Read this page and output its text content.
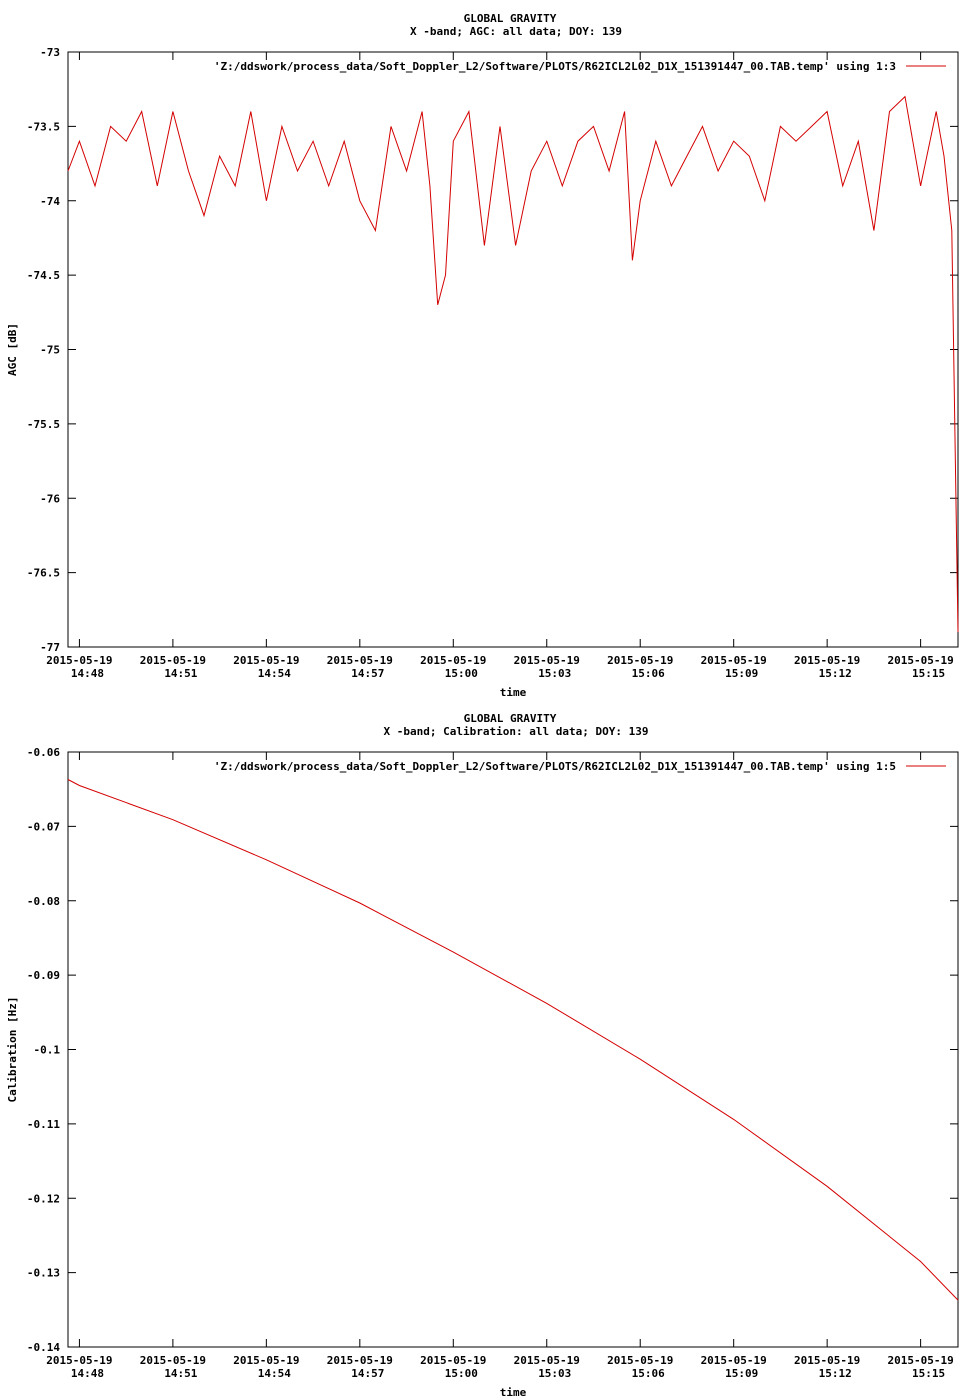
GLOBAL GRAVITY
X -band; AGC: all data; DOY: 139
-73
-73.5
-74
-74.5
-75
-75.5
-76
-76.5
-77
2015-05-19
14:48
2015-05-19
14:51
2015-05-19
14:54
2015-05-19
14:57
2015-05-19
15:00
2015-05-19
15:03
2015-05-19
15:06
2015-05-19
15:09
2015-05-19
15:12
2015-05-19
15:15
time
AGC [dB]
'Z:/ddswork/process_data/Soft_Doppler_L2/Software/PLOTS/R62ICL2L02_D1X_151391447_00.TAB.temp' using 1:3
GLOBAL GRAVITY
X -band; Calibration: all data; DOY: 139
-0.06
-0.07
-0.08
-0.09
-0.1
-0.11
-0.12
-0.13
-0.14
2015-05-19
14:48
2015-05-19
14:51
2015-05-19
14:54
2015-05-19
14:57
2015-05-19
15:00
2015-05-19
15:03
2015-05-19
15:06
2015-05-19
15:09
2015-05-19
15:12
2015-05-19
15:15
time
Calibration [Hz]
'Z:/ddswork/process_data/Soft_Doppler_L2/Software/PLOTS/R62ICL2L02_D1X_151391447_00.TAB.temp' using 1:5
